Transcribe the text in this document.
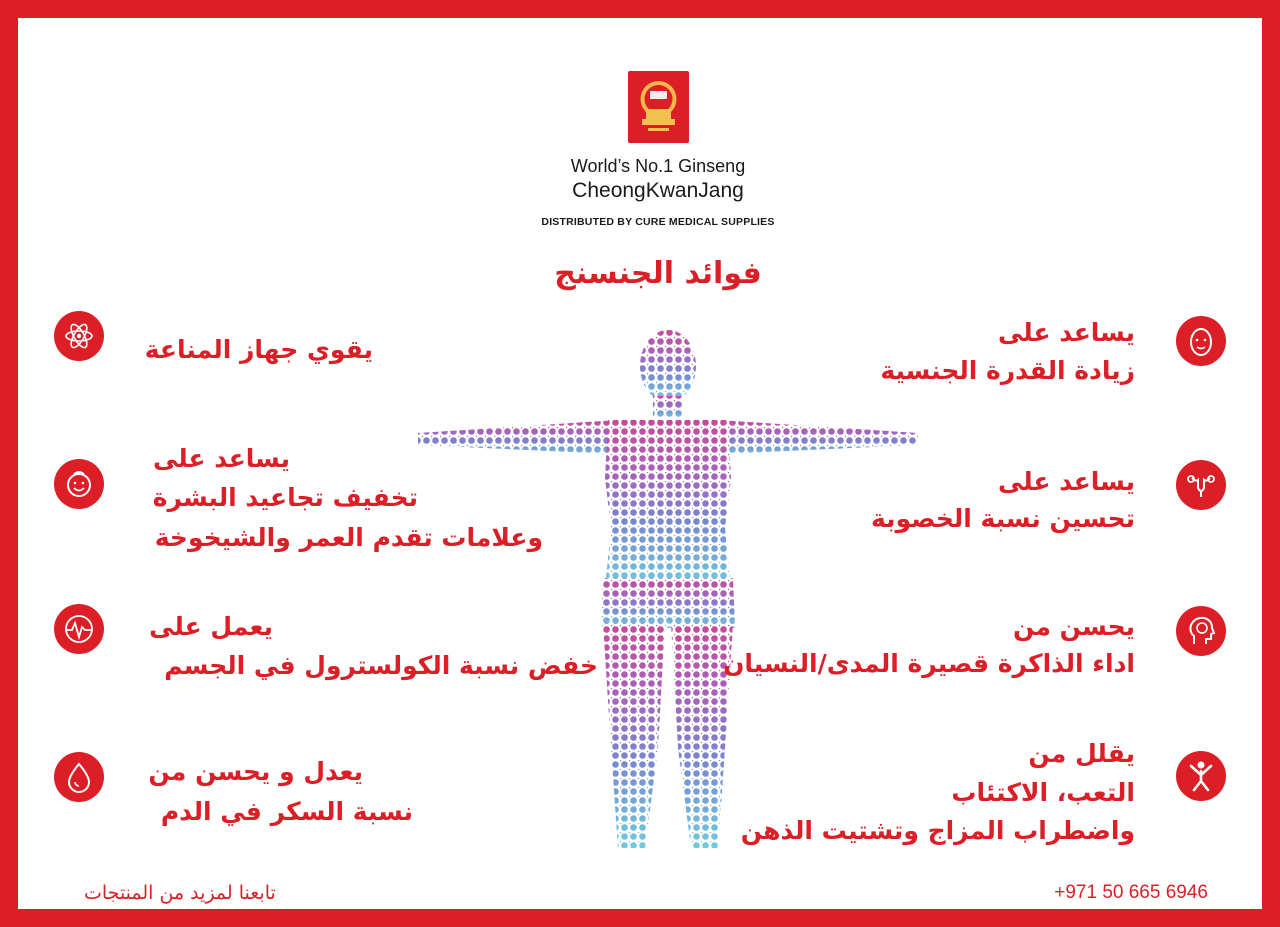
World’s No.1 Ginseng
CheongKwanJang
DISTRIBUTED BY CURE MEDICAL SUPPLIES
فوائد الجنسنج
يساعد على
زيادة القدرة الجنسية
يساعد على
تحسين نسبة الخصوبة
يحسن من
اداء الذاكرة قصيرة المدى/النسيان
يقلل من
التعب، الاكتئاب
واضطراب المزاج وتشتيت الذهن
يقوي جهاز المناعة
يساعد على
تخفيف تجاعيد البشرة
وعلامات تقدم العمر والشيخوخة
يعمل على
خفض نسبة الكولسترول في الجسم
يعدل و يحسن من
نسبة السكر في الدم
تابعنا لمزيد من المنتجات	+971 50 665 6946
